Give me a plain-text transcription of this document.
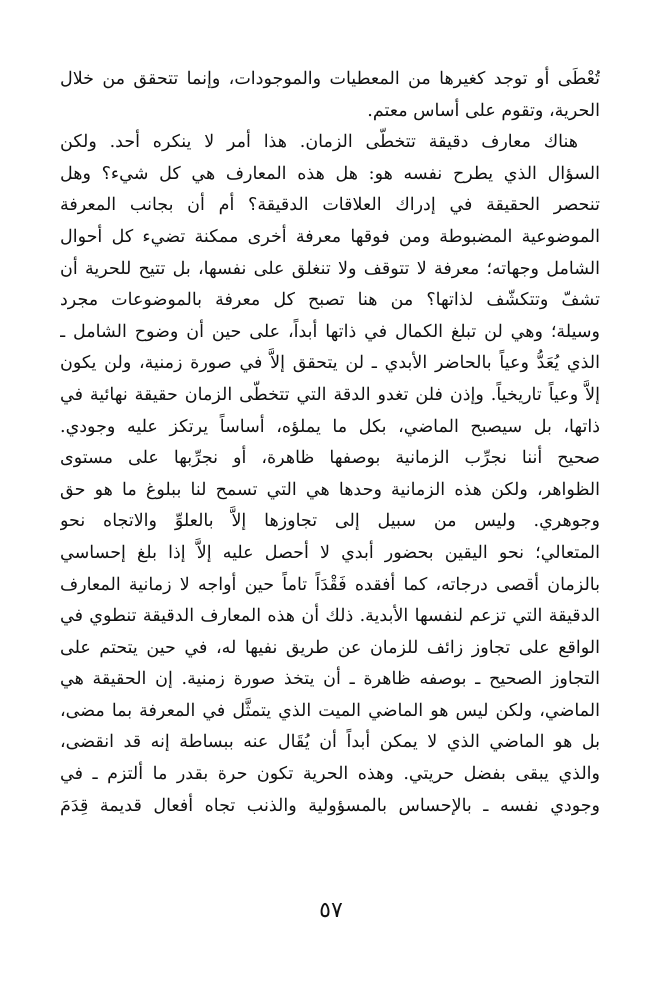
تُعْطَى أو توجد كغيرها من المعطيات والموجودات، وإنما تتحقق من خلال
الحرية، وتقوم على أساس معتم.
هناك معارف دقيقة تتخطّى الزمان. هذا أمر لا ينكره أحد. ولكن
السؤال الذي يطرح نفسه هو: هل هذه المعارف هي كل شيء؟ وهل
تنحصر الحقيقة في إدراك العلاقات الدقيقة؟ أم أن بجانب المعرفة
الموضوعية المضبوطة ومن فوقها معرفة أخرى ممكنة تضيء كل أحوال
الشامل وجهاته؛ معرفة لا تتوقف ولا تنغلق على نفسها، بل تتيح للحرية أن
تشفّ وتتكشّف لذاتها؟ من هنا تصبح كل معرفة بالموضوعات مجرد
وسيلة؛ وهي لن تبلغ الكمال في ذاتها أبداً، على حين أن وضوح الشامل ـ
الذي يُعَدُّ وعياً بالحاضر الأبدي ـ لن يتحقق إلاَّ في صورة زمنية، ولن يكون
إلاَّ وعياً تاريخياً. وإذن فلن تغدو الدقة التي تتخطّى الزمان حقيقة نهائية في
ذاتها، بل سيصبح الماضي، بكل ما يملؤه، أساساً يرتكز عليه وجودي.
صحيح أننا نجرِّب الزمانية بوصفها ظاهرة، أو نجرِّبها على مستوى
الظواهر، ولكن هذه الزمانية وحدها هي التي تسمح لنا ببلوغ ما هو حق
وجوهري. وليس من سبيل إلى تجاوزها إلاَّ بالعلوِّ والاتجاه نحو
المتعالي؛ نحو اليقين بحضور أبدي لا أحصل عليه إلاَّ إذا بلغ إحساسي
بالزمان أقصى درجاته، كما أفقده فَقْدَاً تاماً حين أواجه لا زمانية المعارف
الدقيقة التي تزعم لنفسها الأبدية. ذلك أن هذه المعارف الدقيقة تنطوي في
الواقع على تجاوز زائف للزمان عن طريق نفيها له، في حين يتحتم على
التجاوز الصحيح ـ بوصفه ظاهرة ـ أن يتخذ صورة زمنية. إن الحقيقة هي
الماضي، ولكن ليس هو الماضي الميت الذي يتمثَّل في المعرفة بما مضى،
بل هو الماضي الذي لا يمكن أبداً أن يُقَال عنه ببساطة إنه قد انقضى،
والذي يبقى بفضل حريتي. وهذه الحرية تكون حرة بقدر ما ألتزم ـ في
وجودي نفسه ـ بالإحساس بالمسؤولية والذنب تجاه أفعال قديمة قِدَمَ
٥٧
